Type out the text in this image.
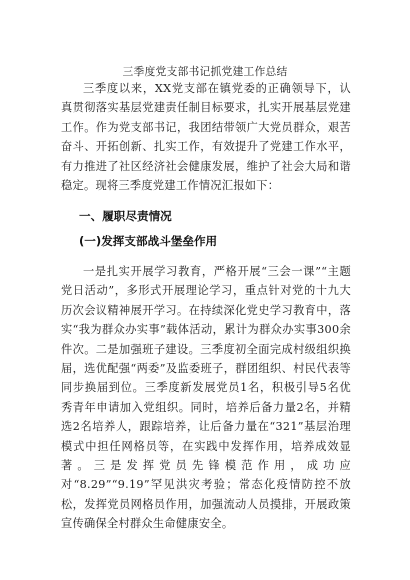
三季度党支部书记抓党建工作总结

三季度以来，XX党支部在镇党委的正确领导下，认真贯彻落实基层党建责任制目标要求，扎实开展基层党建工作。作为党支部书记，我团结带领广大党员群众，艰苦奋斗、开拓创新、扎实工作，有效提升了党建工作水平，有力推进了社区经济社会健康发展，维护了社会大局和谐稳定。现将三季度党建工作情况汇报如下：

一、履职尽责情况
(一)发挥支部战斗堡垒作用

一是扎实开展学习教育，严格开展“三会一课”“主题党日活动”，多形式开展理论学习，重点针对党的十九大历次会议精神展开学习。在持续深化党史学习教育中，落实“我为群众办实事”载体活动，累计为群众办实事300余件次。二是加强班子建设。三季度初全面完成村级组织换届，选优配强“两委”及监委班子，群团组织、村民代表等同步换届到位。三季度新发展党员1名，积极引导5名优秀青年申请加入党组织。同时，培养后备力量2名，并精选2名培养人，跟踪培养，让后备力量在“321”基层治理模式中担任网格员等，在实践中发挥作用，培养成效显著。三是发挥党员先锋模范作用，成功应对“8.29”“9.19”罕见洪灾考验；常态化疫情防控不放松，发挥党员网格员作用，加强流动人员摸排，开展政策宣传确保全村群众生命健康安全。
